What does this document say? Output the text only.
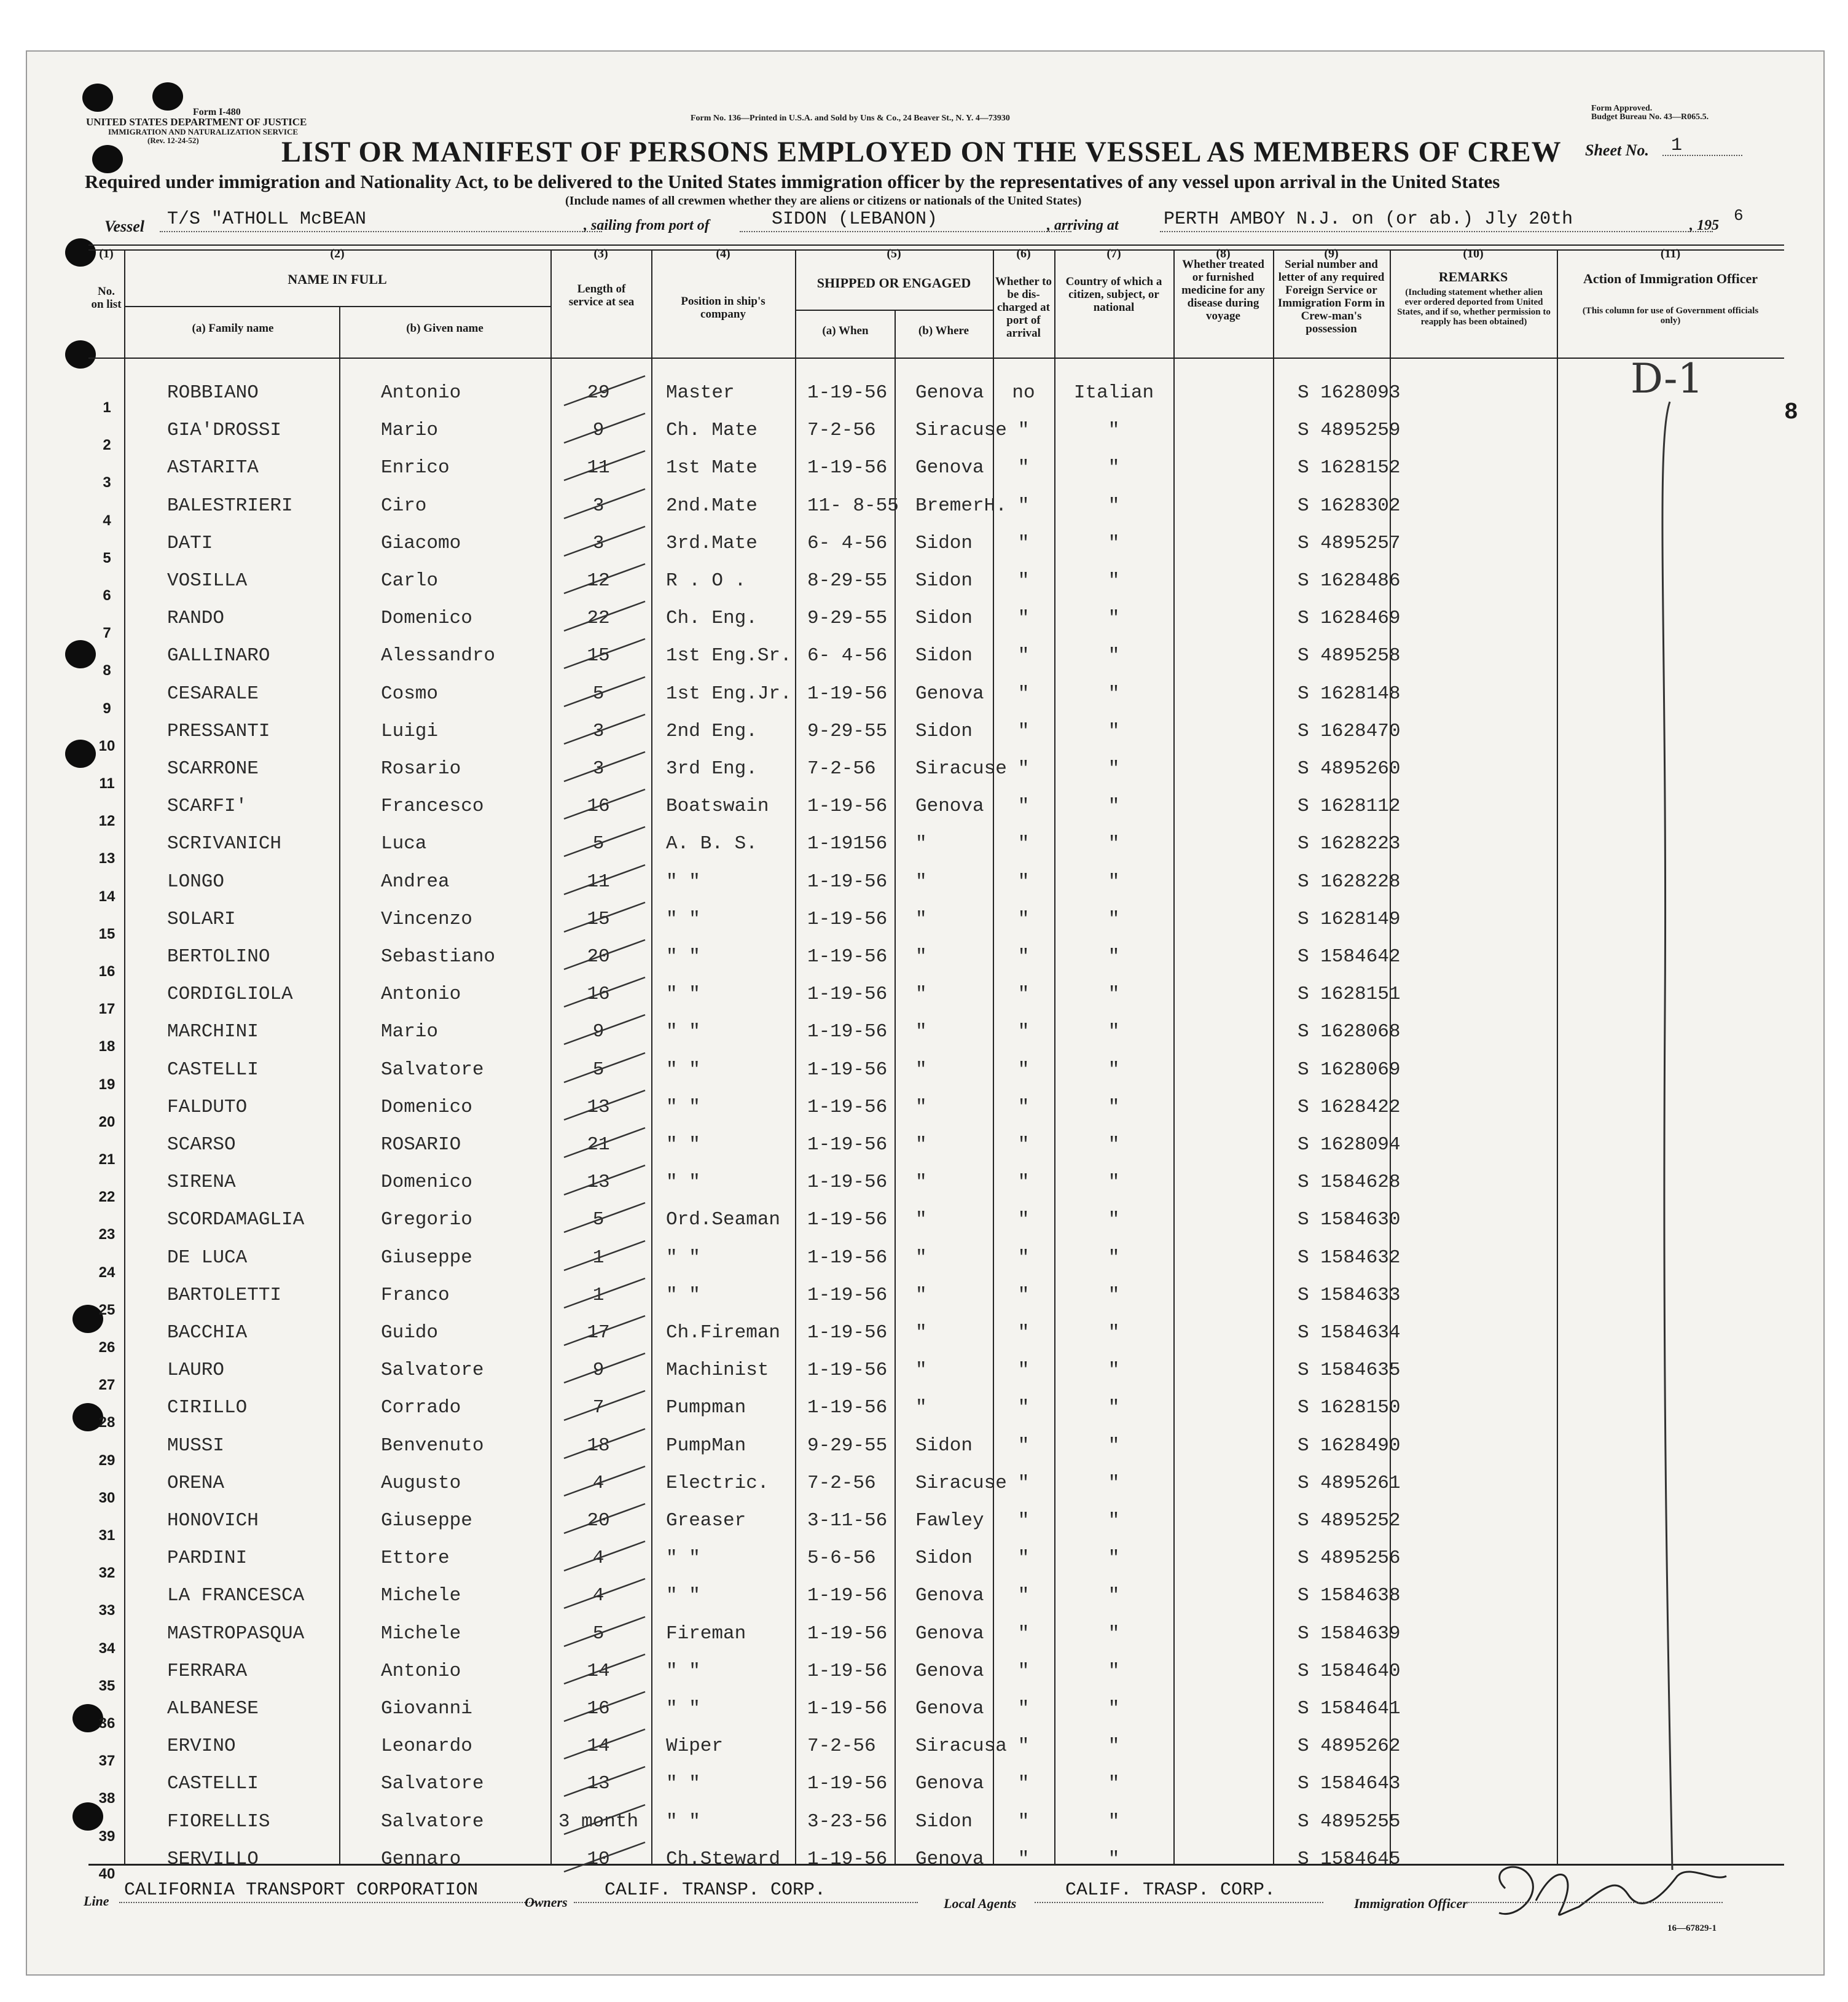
Form I-480
UNITED STATES DEPARTMENT OF JUSTICE
IMMIGRATION AND NATURALIZATION SERVICE
(Rev. 12-24-52)
Form No. 136—Printed in U.S.A. and Sold by Uns & Co., 24 Beaver St., N. Y. 4—73930
Form Approved.
Budget Bureau No. 43—R065.5.
LIST OR MANIFEST OF PERSONS EMPLOYED ON THE VESSEL AS MEMBERS OF CREW Sheet No. 1
Required under immigration and Nationality Act, to be delivered to the United States immigration officer by the representatives of any vessel upon arrival in the United States
(Include names of all crewmen whether they are aliens or citizens or nationals of the United States)
Vessel T/S "ATHOLL McBEAN	, sailing from port of	SIDON (LEBANON)	, arriving at PERTH AMBOY N.J. on (or ab.) Jly 20th	, 195
6
(1)
No. on list
(2)
NAME IN FULL
(a) Family name	(b) Given name
(3)
Length of service at sea
(4)
Position in ship's company
(5)
SHIPPED OR ENGAGED
(a) When	(b) Where
(6)
Whether to be dis-charged at port of arrival
(7)
Country of which a citizen, subject, or national
(8)
Whether treated or furnished medicine for any disease during voyage
(9)
Serial number and letter of any required Foreign Service or Immigration Form in Crew-man's possession
(10)
REMARKS
(Including statement whether alien ever ordered deported from United States, and if so, whether permission to reapply has been obtained)
(11)
Action of Immigration Officer
(This column for use of Government officials only)
1
ROBBIANO	Antonio	29	Master	1-19-56 Genova	no	Italian	S 1628093
2
GIA'DROSSI	Mario	9	Ch. Mate	7-2-56 Siracuse "	"	S 4895259
3
ASTARITA	Enrico	11	1st Mate	1-19-56 Genova	"	"	S 1628152
4
BALESTRIERI	Ciro	3	2nd.Mate	11- 8-55 BremerH. "	"	S 1628302
5
DATI	Giacomo	3	3rd.Mate	6- 4-56 Sidon	"	"	S 4895257
6
VOSILLA	Carlo	12	R . O .	8-29-55 Sidon	"	"	S 1628486
7
RANDO	Domenico	22	Ch. Eng.	9-29-55 Sidon	"	"	S 1628469
8
GALLINARO	Alessandro	15	1st Eng.Sr. 6- 4-56 Sidon	"	"	S 4895258
9
CESARALE	Cosmo	5	1st Eng.Jr. 1-19-56 Genova	"	"	S 1628148
10
PRESSANTI	Luigi	3	2nd Eng.	9-29-55 Sidon	"	"	S 1628470
11
SCARRONE	Rosario	3	3rd Eng.	7-2-56 Siracuse "	"	S 4895260
12
SCARFI'	Francesco	16	Boatswain 1-19-56 Genova	"	"	S 1628112
13
SCRIVANICH	Luca	5	A. B. S.	1-19156 "	"	"	S 1628223
14
LONGO	Andrea	11	" "	1-19-56 "	"	"	S 1628228
15
SOLARI	Vincenzo	15	" "	1-19-56 "	"	"	S 1628149
16
BERTOLINO	Sebastiano	20	" "	1-19-56 "	"	"	S 1584642
17
CORDIGLIOLA	Antonio	16	" "	1-19-56 "	"	"	S 1628151
18
MARCHINI	Mario	9	" "	1-19-56 "	"	"	S 1628068
19
CASTELLI	Salvatore	5	" "	1-19-56 "	"	"	S 1628069
20
FALDUTO	Domenico	13	" "	1-19-56 "	"	"	S 1628422
21
SCARSO	ROSARIO	21	" "	1-19-56 "	"	"	S 1628094
22
SIRENA	Domenico	13	" "	1-19-56 "	"	"	S 1584628
23
SCORDAMAGLIA	Gregorio	5	Ord.Seaman 1-19-56 "	"	"	S 1584630
24
DE LUCA	Giuseppe	1	" "	1-19-56 "	"	"	S 1584632
25
BARTOLETTI	Franco	1	" "	1-19-56 "	"	"	S 1584633
26
BACCHIA	Guido	17	Ch.Fireman 1-19-56 "	"	"	S 1584634
27
LAURO	Salvatore	9	Machinist 1-19-56 "	"	"	S 1584635
28
CIRILLO	Corrado	7	Pumpman	1-19-56 "	"	"	S 1628150
29
MUSSI	Benvenuto	18	PumpMan	9-29-55 Sidon	"	"	S 1628490
30
ORENA	Augusto	4	Electric. 7-2-56 Siracuse "	"	S 4895261
31
HONOVICH	Giuseppe	20	Greaser	3-11-56 Fawley	"	"	S 4895252
32
PARDINI	Ettore	4	" "	5-6-56 Sidon	"	"	S 4895256
33
LA FRANCESCA	Michele	4	" "	1-19-56 Genova	"	"	S 1584638
34
MASTROPASQUA	Michele	5	Fireman	1-19-56 Genova	"	"	S 1584639
35
FERRARA	Antonio	14	" "	1-19-56 Genova	"	"	S 1584640
36
ALBANESE	Giovanni	16	" "	1-19-56 Genova	"	"	S 1584641
37
ERVINO	Leonardo	14	Wiper	7-2-56 Siracusa "	"	S 4895262
38
CASTELLI	Salvatore	13	" "	1-19-56 Genova	"	"	S 1584643
39
FIORELLIS	Salvatore	3 month " "	3-23-56 Sidon	"	"	S 4895255
40
SERVILLO	Gennaro	10	Ch.Steward 1-19-56 Genova	"	"	S 1584645
D-1
8
Line
CALIFORNIA TRANSPORT CORPORATION
Owners
CALIF. TRANSP. CORP.
Local Agents
CALIF. TRASP. CORP.
Immigration Officer
16—67829-1
